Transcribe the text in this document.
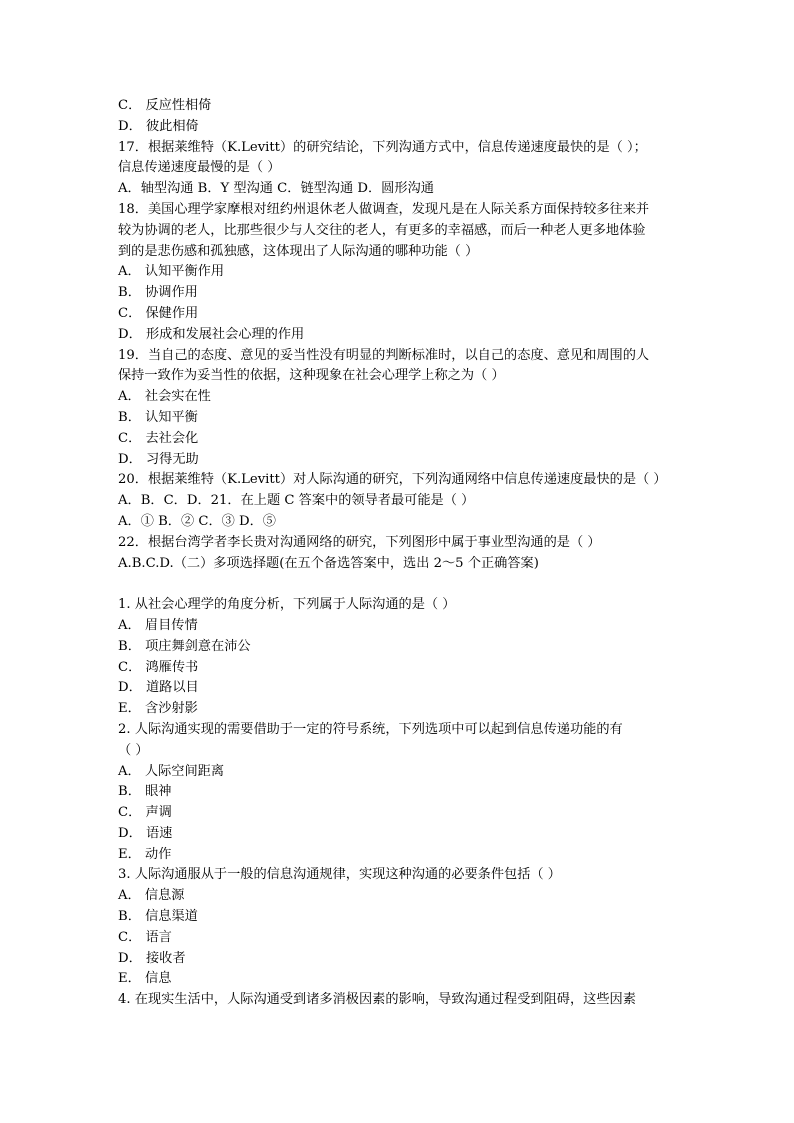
C． 反应性相倚
D． 彼此相倚
17．根据莱维特（K.Levitt）的研究结论，下列沟通方式中，信息传递速度最快的是（ ）；
信息传递速度最慢的是（ ）
A．轴型沟通 B．Y 型沟通 C．链型沟通 D．圆形沟通
18．美国心理学家摩根对纽约州退休老人做调查，发现凡是在人际关系方面保持较多往来并
较为协调的老人，比那些很少与人交往的老人，有更多的幸福感，而后一种老人更多地体验
到的是悲伤感和孤独感，这体现出了人际沟通的哪种功能（ ）
A． 认知平衡作用
B． 协调作用
C． 保健作用
D． 形成和发展社会心理的作用
19．当自己的态度、意见的妥当性没有明显的判断标准时，以自己的态度、意见和周围的人
保持一致作为妥当性的依据，这种现象在社会心理学上称之为（ ）
A． 社会实在性
B． 认知平衡
C． 去社会化
D． 习得无助
20．根据莱维特（K.Levitt）对人际沟通的研究，下列沟通网络中信息传递速度最快的是（ ）
A．B．C．D．21．在上题 C 答案中的领导者最可能是（ ）
A．① B．② C．③ D．⑤
22．根据台湾学者李长贵对沟通网络的研究，下列图形中属于事业型沟通的是（ ）
A.B.C.D.（二）多项选择题(在五个备选答案中，选出 2～5 个正确答案)
1. 从社会心理学的角度分析，下列属于人际沟通的是（ ）
A． 眉目传情
B． 项庄舞剑意在沛公
C． 鸿雁传书
D． 道路以目
E． 含沙射影
2. 人际沟通实现的需要借助于一定的符号系统，下列选项中可以起到信息传递功能的有
（ ）
A． 人际空间距离
B． 眼神
C． 声调
D． 语速
E． 动作
3. 人际沟通服从于一般的信息沟通规律，实现这种沟通的必要条件包括（ ）
A． 信息源
B． 信息渠道
C． 语言
D． 接收者
E． 信息
4. 在现实生活中，人际沟通受到诸多消极因素的影响，导致沟通过程受到阻碍，这些因素
